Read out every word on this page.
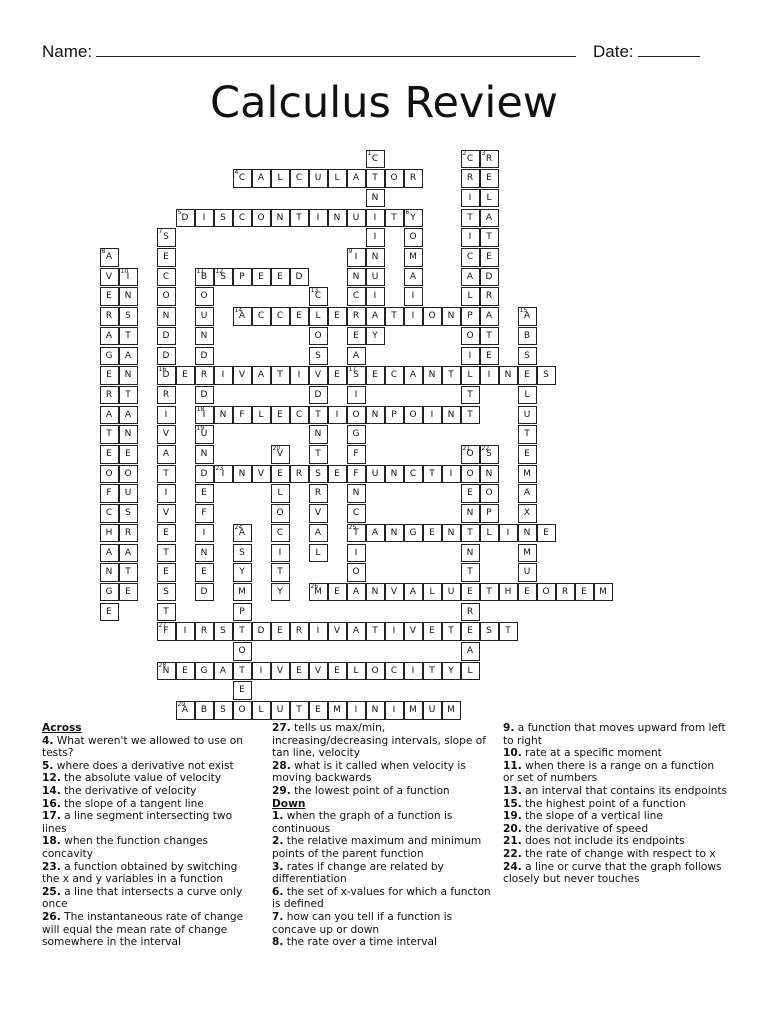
Name:	Date:
Calculus Review
4
C	A	L	C	U	L	A	T	O	R
5
D	I	S	C	O	N	T	I	N	U	I	T
6
Y
12
S	P	E	E	D
14
A	C	C	E	L	E	R	A	T	I	O	N
16
D	E	R	I	V	A	T	I	V	E
17
S	E	C	A	N	T	L	I	N	E	S
18
I	N	F	L	E	C	T	I	O	N	P	O	I	N	T
23
I	N	V	E	R	S	E	F	U	N	C	T	I	O	N
25
T	A	N	G	E	N	T	L	I	N	E
26
M	E	A	N	V	A	L	U	E	T	H	E	O	R	E	M
27
F	I	R	S	T	D	E	R	I	V	A	T	I	V	E	T	E	S	T
28
N	E	G	A	T	I	V	E	V	E	L	O	C	I	T	Y
29
A	B	S	O	L	U	T	E	M	I	N	I	M	U	M
1
C
N
I
N
U
I
Y
2
C
R
I
T
I
C
A
L
P
O
I
T
3
R
E
L
A
T
E
D
R
A
T
E
O
M
A
I
7
S
E
C
O
N
D
D
R
I
V
A
T
I
V
E
T
E
S
T
8
A
V
E
R
A
G
E
R
A
T
E
O
F
C
H
A
N
G
E
9
I
N
C
E
A
I
G
F
N
C
I
O
10
I
N
S
T
A
N
T
A
N
E
O
U
S
R
A
T
E
11
B
O
U
N
D
D
13
C
O
S
D
N
T
R
V
A
L
15
A
B
S
L
U
T
E
M
A
X
M
U
19
U
N
D
E
F
I
N
E
D
20
V
L
O
C
I
T
Y
21
O
E
N
N
T
R
A
L
22
S
O
P
24
A
S
Y
M
P
O
E

Across

4. What weren't we allowed to use on tests?

5. where does a derivative not exist

12. the absolute value of velocity

14. the derivative of velocity

16. the slope of a tangent line

17. a line segment intersecting two lines

18. when the function changes concavity

23. a function obtained by switching the x and y variables in a function

25. a line that intersects a curve only once

26. The instantaneous rate of change will equal the mean rate of change somewhere in the interval

27. tells us max/min, increasing/decreasing intervals, slope of tan line, velocity

28. what is it called when velocity is moving backwards

29. the lowest point of a function

Down

1. when the graph of a function is continuous

2. the relative maximum and minimum points of the parent function

3. rates if change are related by differentiation

6. the set of x-values for which a functon is defined

7. how can you tell if a function is concave up or down

8. the rate over a time interval

9. a function that moves upward from left to right

10. rate at a specific moment

11. when there is a range on a function or set of numbers

13. an interval that contains its endpoints

15. the highest point of a function

19. the slope of a vertical line

20. the derivative of speed

21. does not include its endpoints

22. the rate of change with respect to x

24. a line or curve that the graph follows closely but never touches
